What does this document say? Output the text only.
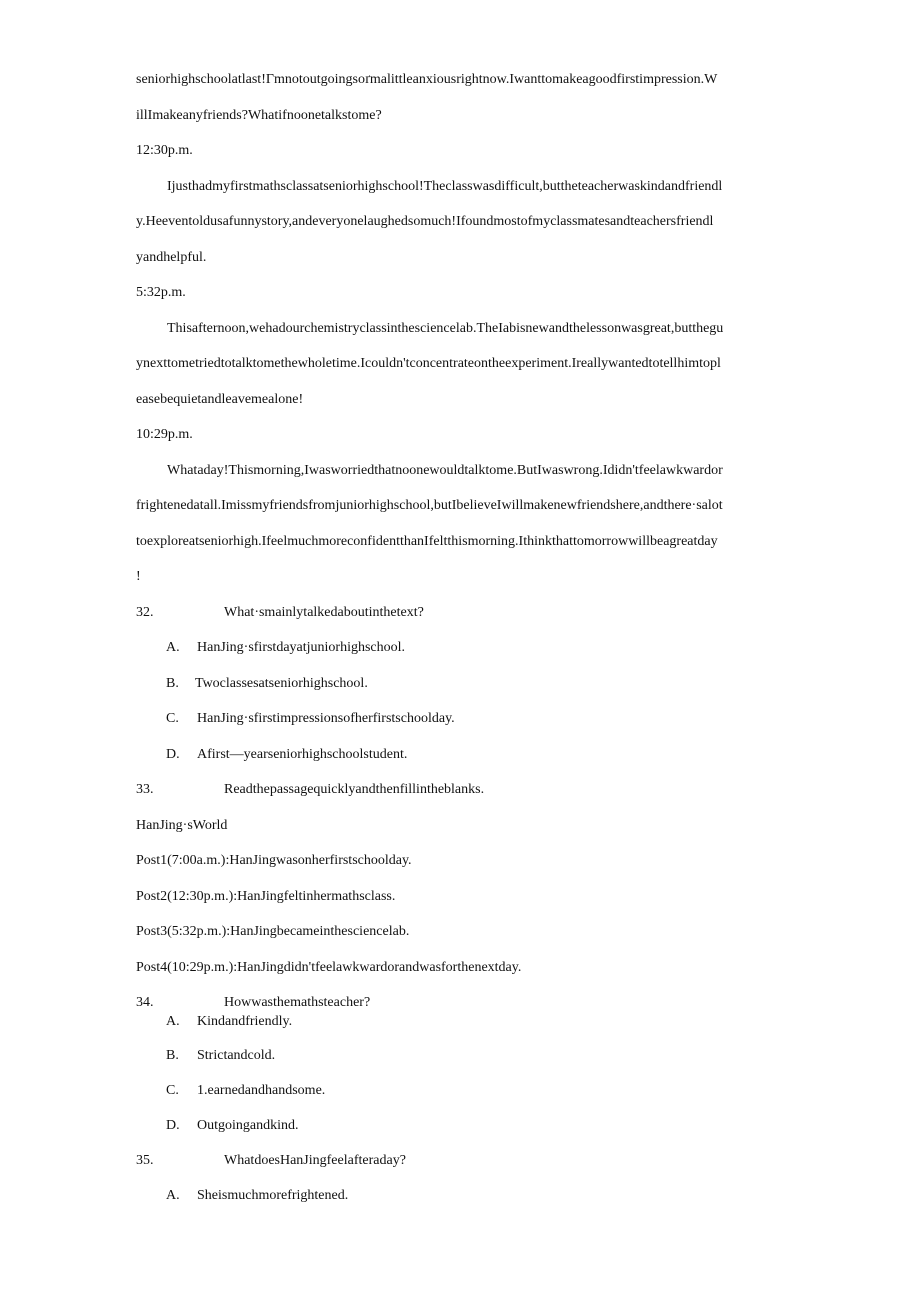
seniorhighschoolatlast!Γmnotoutgoingsoґmalittleanxiousrightnow.Iwanttomakeagoodfirstimpression.W
illImakeanyfriends?Whatifnoonetalkstome?
12:30p.m.
Ijusthadmyfirstmathsclassatseniorhighschool!Theclasswasdifficult,buttheteacherwaskindandfriendl
y.Heeventoldusafunnystory,andeveryonelaughedsomuch!Ifoundmostofmyclassmatesandteachersfriendl
yandhelpful.
5:32p.m.
Thisafternoon,wehadourchemistryclassinthesciencelab.TheIabisnewandthelessonwasgreat,butthegu
ynexttometriedtotalktomethewholetime.Icouldn'tconcentrateontheexperiment.Ireallywantedtotellhimtopl
easebequietandleavemealone!
10:29p.m.
Whataday!Thismorning,Iwasworriedthatnoonewouldtalktome.ButIwaswrong.Ididn'tfeelawkwardor
frightenedatall.Imissmyfriendsfromjuniorhighschool,butIbelieveIwillmakenewfriendshere,andthere·salot
toexploreatseniorhigh.IfeelmuchmoreconfidentthanIfeltthismorning.Ithinkthattomorrowwillbeagreatday
!
32.	What·smainlytalkedaboutinthetext?
A. HanJing·sfirstdayatjuniorhighschool.
B. Twoclassesatseniorhighschool.
C. HanJing·sfirstimpressionsofherfirstschoolday.
D. Afirst—yearseniorhighschoolstudent.
33.	Readthepassagequicklyandthenfillintheblanks.
HanJing·sWorld
Post1(7:00a.m.):HanJingwasonherfirstschoolday.
Post2(12:30p.m.):HanJingfeltinhermathsclass.
Post3(5:32p.m.):HanJingbecameinthesciencelab.
Post4(10:29p.m.):HanJingdidn'tfeelawkwardorandwasforthenextday.
34.	Howwasthemathsteacher?
A. Kindandfriendly.
B. Strictandcold.
C. 1.earnedandhandsome.
D. Outgoingandkind.
35.	WhatdoesHanJingfeelafteraday?
A. Sheismuchmorefrightened.
